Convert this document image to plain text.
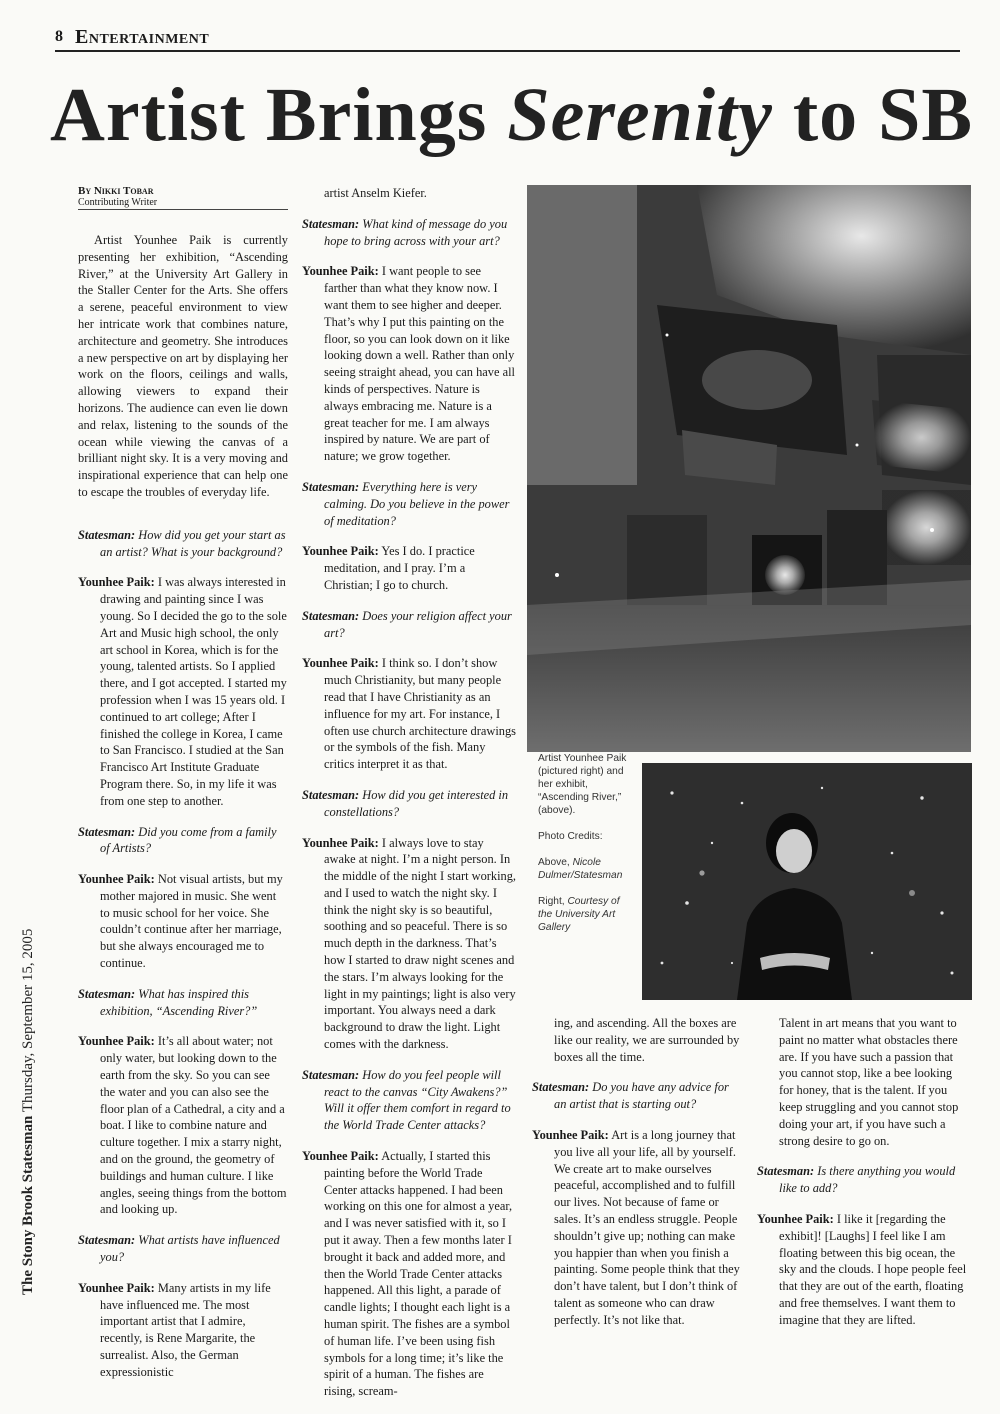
8 Entertainment
Artist Brings Serenity to SB
By Nikki Tobar
Contributing Writer

Artist Younhee Paik is currently presenting her exhibition, “Ascending River,” at the University Art Gallery in the Staller Center for the Arts. She offers a serene, peaceful environment to view her intricate work that combines nature, architecture and geometry. She introduces a new perspective on art by displaying her work on the floors, ceilings and walls, allowing viewers to expand their horizons. The audience can even lie down and relax, listening to the sounds of the ocean while viewing the canvas of a brilliant night sky. It is a very moving and inspirational experience that can help one to escape the troubles of everyday life.

Statesman: How did you get your start as an artist? What is your background?

Younhee Paik: I was always interested in drawing and painting since I was young. So I decided the go to the sole Art and Music high school, the only art school in Korea, which is for the young, talented artists. So I applied there, and I got accepted. I started my profession when I was 15 years old. I continued to art college; After I finished the college in Korea, I came to San Francisco. I studied at the San Francisco Art Institute Graduate Program there. So, in my life it was from one step to another.

Statesman: Did you come from a family of Artists?

Younhee Paik: Not visual artists, but my mother majored in music. She went to music school for her voice. She couldn’t continue after her marriage, but she always encouraged me to continue.

Statesman: What has inspired this exhibition, “Ascending River?”

Younhee Paik: It’s all about water; not only water, but looking down to the earth from the sky. So you can see the water and you can also see the floor plan of a Cathedral, a city and a boat. I like to combine nature and culture together. I mix a starry night, and on the ground, the geometry of buildings and human culture. I like angles, seeing things from the bottom and looking up.

Statesman: What artists have influenced you?

Younhee Paik: Many artists in my life have influenced me. The most important artist that I admire, recently, is Rene Margarite, the surrealist. Also, the German expressionistic

artist Anselm Kiefer.

Statesman: What kind of message do you hope to bring across with your art?

Younhee Paik: I want people to see farther than what they know now. I want them to see higher and deeper. That’s why I put this painting on the floor, so you can look down on it like looking down a well. Rather than only seeing straight ahead, you can have all kinds of perspectives. Nature is always embracing me. Nature is a great teacher for me. I am always inspired by nature. We are part of nature; we grow together.

Statesman: Everything here is very calming. Do you believe in the power of meditation?

Younhee Paik: Yes I do. I practice meditation, and I pray. I’m a Christian; I go to church.

Statesman: Does your religion affect your art?

Younhee Paik: I think so. I don’t show much Christianity, but many people read that I have Christianity as an influence for my art. For instance, I often use church architecture drawings or the symbols of the fish. Many critics interpret it as that.

Statesman: How did you get interested in constellations?

Younhee Paik: I always love to stay awake at night. I’m a night person. In the middle of the night I start working, and I used to watch the night sky. I think the night sky is so beautiful, soothing and so peaceful. There is so much depth in the darkness. That’s how I started to draw night scenes and the stars. I’m always looking for the light in my paintings; light is also very important. You always need a dark background to draw the light. Light comes with the darkness.

Statesman: How do you feel people will react to the canvas “City Awakens?” Will it offer them comfort in regard to the World Trade Center attacks?

Younhee Paik: Actually, I started this painting before the World Trade Center attacks happened. I had been working on this one for almost a year, and I was never satisfied with it, so I put it away. Then a few months later I brought it back and added more, and then the World Trade Center attacks happened. All this light, a parade of candle lights; I thought each light is a human spirit. The fishes are a symbol of human life. I’ve been using fish symbols for a long time; it’s like the spirit of a human. The fishes are rising, scream-

Artist Younhee Paik (pictured right) and her exhibit, “Ascending River,” (above).

Photo Credits:

Above, Nicole Dulmer/Statesman

Right, Courtesy of the University Art Gallery

ing, and ascending. All the boxes are like our reality, we are surrounded by boxes all the time.

Statesman: Do you have any advice for an artist that is starting out?

Younhee Paik: Art is a long journey that you live all your life, all by yourself. We create art to make ourselves peaceful, accomplished and to fulfill our lives. Not because of fame or sales. It’s an endless struggle. People shouldn’t give up; nothing can make you happier than when you finish a painting. Some people think that they don’t have talent, but I don’t think of talent as someone who can draw perfectly. It’s not like that.

Talent in art means that you want to paint no matter what obstacles there are. If you have such a passion that you cannot stop, like a bee looking for honey, that is the talent. If you keep struggling and you cannot stop doing your art, if you have such a strong desire to go on.

Statesman: Is there anything you would like to add?

Younhee Paik: I like it [regarding the exhibit]! [Laughs] I feel like I am floating between this big ocean, the sky and the clouds. I hope people feel that they are out of the earth, floating and free themselves. I want them to imagine that they are lifted.

The Stony Brook Statesman Thursday, September 15, 2005
